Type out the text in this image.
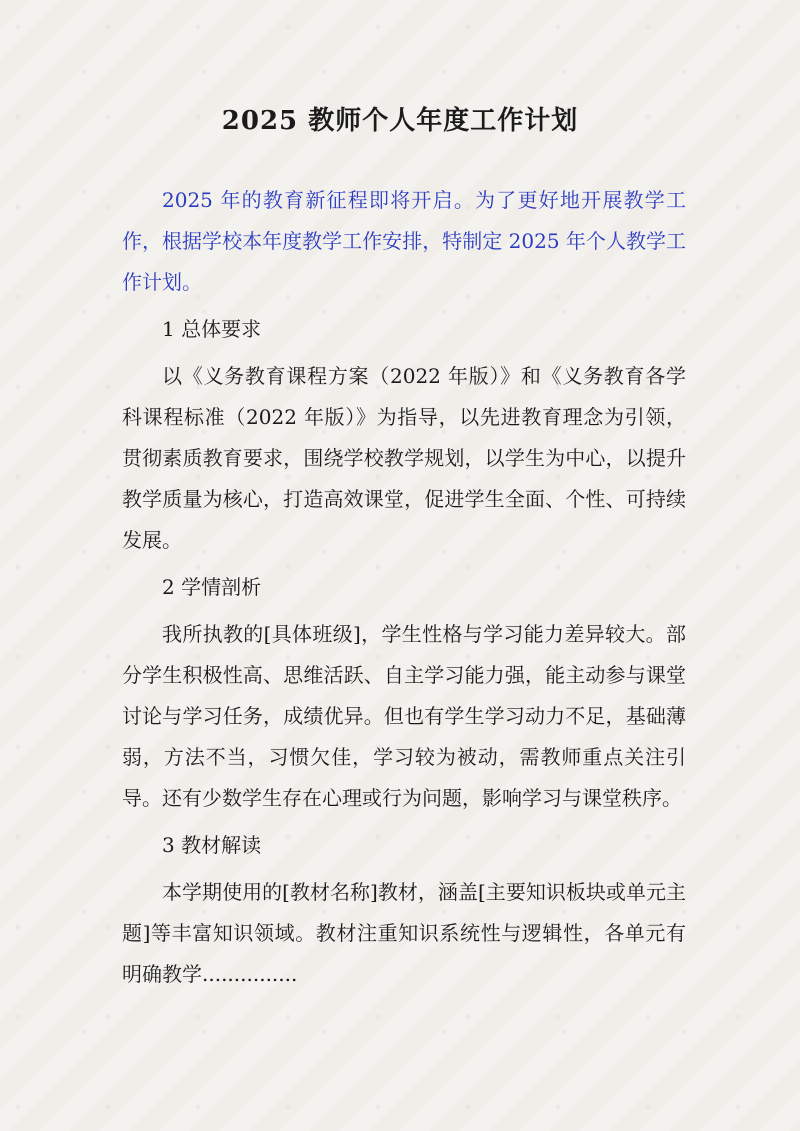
2025 教师个人年度工作计划

2025 年的教育新征程即将开启。为了更好地开展教学工作，根据学校本年度教学工作安排，特制定 2025 年个人教学工作计划。

1 总体要求

以《义务教育课程方案（2022 年版）》和《义务教育各学科课程标准（2022 年版）》为指导，以先进教育理念为引领，贯彻素质教育要求，围绕学校教学规划，以学生为中心，以提升教学质量为核心，打造高效课堂，促进学生全面、个性、可持续发展。

2 学情剖析

我所执教的[具体班级]，学生性格与学习能力差异较大。部分学生积极性高、思维活跃、自主学习能力强，能主动参与课堂讨论与学习任务，成绩优异。但也有学生学习动力不足，基础薄弱，方法不当，习惯欠佳，学习较为被动，需教师重点关注引导。还有少数学生存在心理或行为问题，影响学习与课堂秩序。

3 教材解读

本学期使用的[教材名称]教材，涵盖[主要知识板块或单元主题]等丰富知识领域。教材注重知识系统性与逻辑性，各单元有明确教学...............
